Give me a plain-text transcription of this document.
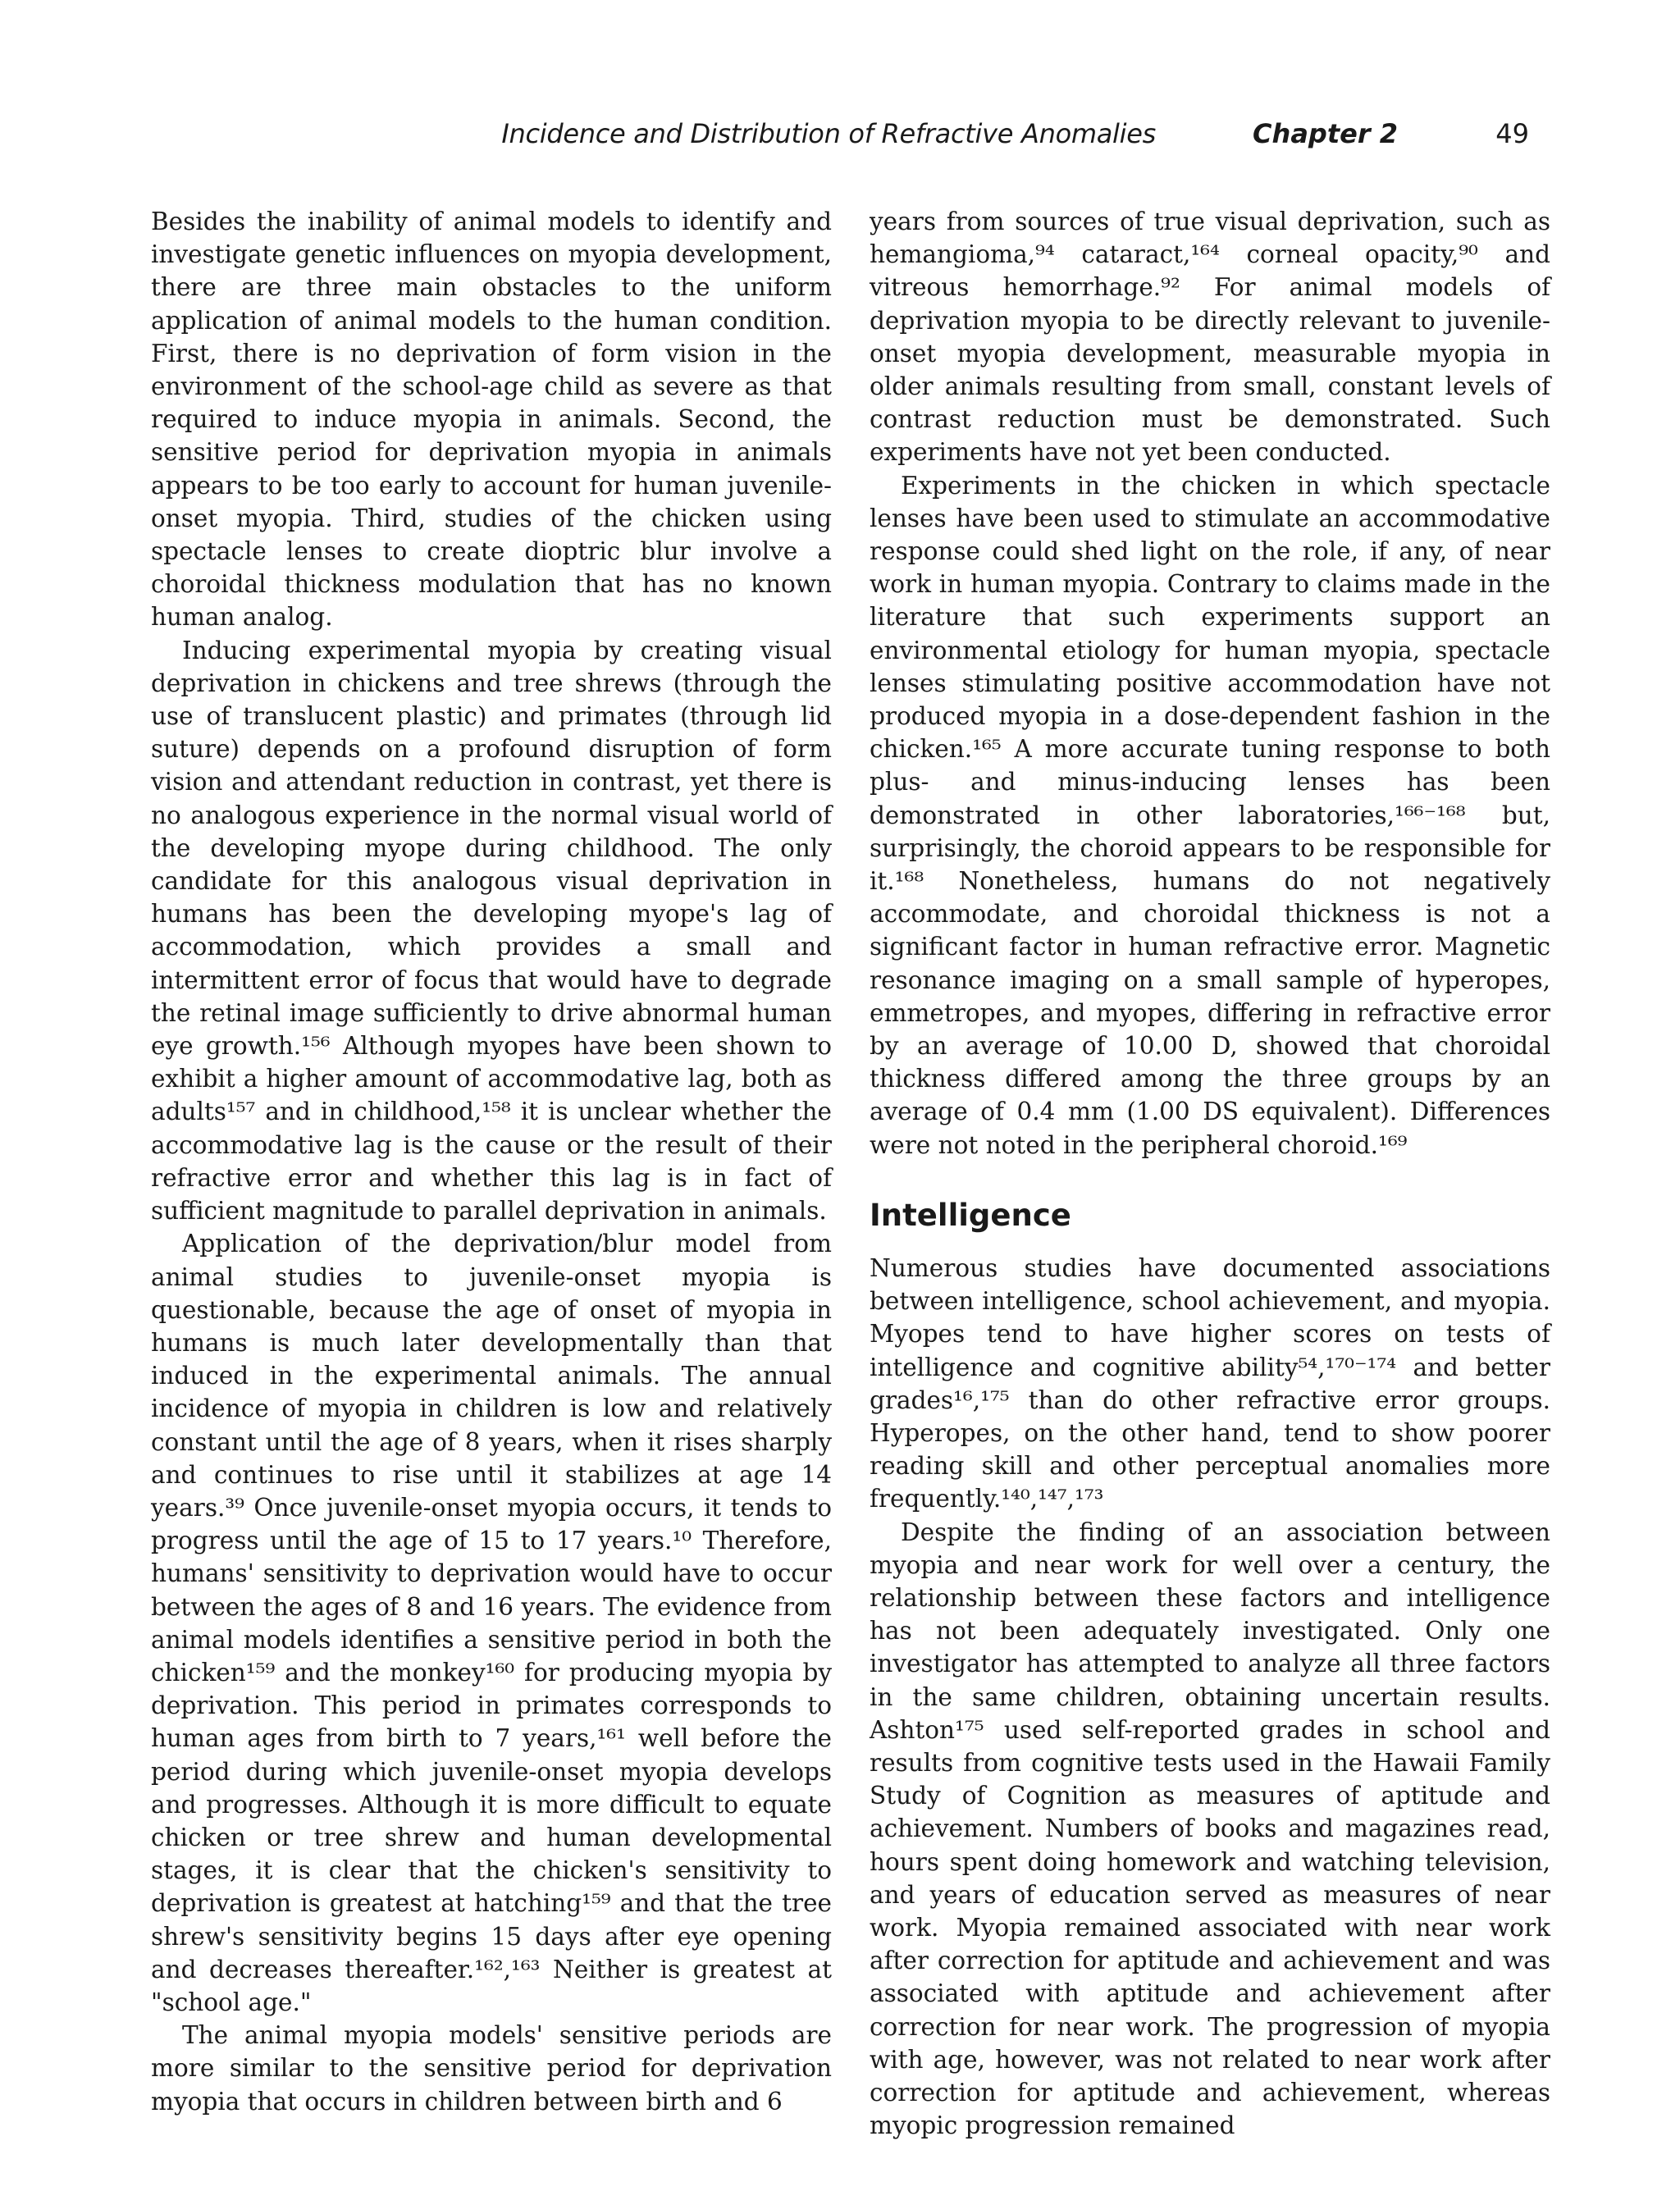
Incidence and Distribution of Refractive Anomalies	Chapter 2	49

Besides the inability of animal models to identify and investigate genetic influences on myopia development, there are three main obstacles to the uniform application of animal models to the human condition. First, there is no deprivation of form vision in the environment of the school-age child as severe as that required to induce myopia in animals. Second, the sensitive period for deprivation myopia in animals appears to be too early to account for human juvenile-onset myopia. Third, studies of the chicken using spectacle lenses to create dioptric blur involve a choroidal thickness modulation that has no known human analog.

Inducing experimental myopia by creating visual deprivation in chickens and tree shrews (through the use of translucent plastic) and primates (through lid suture) depends on a profound disruption of form vision and attendant reduction in contrast, yet there is no analogous experience in the normal visual world of the developing myope during childhood. The only candidate for this analogous visual deprivation in humans has been the developing myope's lag of accommodation, which provides a small and intermittent error of focus that would have to degrade the retinal image sufficiently to drive abnormal human eye growth.¹⁵⁶ Although myopes have been shown to exhibit a higher amount of accommodative lag, both as adults¹⁵⁷ and in childhood,¹⁵⁸ it is unclear whether the accommodative lag is the cause or the result of their refractive error and whether this lag is in fact of sufficient magnitude to parallel deprivation in animals.

Application of the deprivation/blur model from animal studies to juvenile-onset myopia is questionable, because the age of onset of myopia in humans is much later developmentally than that induced in the experimental animals. The annual incidence of myopia in children is low and relatively constant until the age of 8 years, when it rises sharply and continues to rise until it stabilizes at age 14 years.³⁹ Once juvenile-onset myopia occurs, it tends to progress until the age of 15 to 17 years.¹⁰ Therefore, humans' sensitivity to deprivation would have to occur between the ages of 8 and 16 years. The evidence from animal models identifies a sensitive period in both the chicken¹⁵⁹ and the monkey¹⁶⁰ for producing myopia by deprivation. This period in primates corresponds to human ages from birth to 7 years,¹⁶¹ well before the period during which juvenile-onset myopia develops and progresses. Although it is more difficult to equate chicken or tree shrew and human developmental stages, it is clear that the chicken's sensitivity to deprivation is greatest at hatching¹⁵⁹ and that the tree shrew's sensitivity begins 15 days after eye opening and decreases thereafter.¹⁶²,¹⁶³ Neither is greatest at "school age."

The animal myopia models' sensitive periods are more similar to the sensitive period for deprivation myopia that occurs in children between birth and 6

years from sources of true visual deprivation, such as hemangioma,⁹⁴ cataract,¹⁶⁴ corneal opacity,⁹⁰ and vitreous hemorrhage.⁹² For animal models of deprivation myopia to be directly relevant to juvenile-onset myopia development, measurable myopia in older animals resulting from small, constant levels of contrast reduction must be demonstrated. Such experiments have not yet been conducted.

Experiments in the chicken in which spectacle lenses have been used to stimulate an accommodative response could shed light on the role, if any, of near work in human myopia. Contrary to claims made in the literature that such experiments support an environmental etiology for human myopia, spectacle lenses stimulating positive accommodation have not produced myopia in a dose-dependent fashion in the chicken.¹⁶⁵ A more accurate tuning response to both plus- and minus-inducing lenses has been demonstrated in other laboratories,¹⁶⁶⁻¹⁶⁸ but, surprisingly, the choroid appears to be responsible for it.¹⁶⁸ Nonetheless, humans do not negatively accommodate, and choroidal thickness is not a significant factor in human refractive error. Magnetic resonance imaging on a small sample of hyperopes, emmetropes, and myopes, differing in refractive error by an average of 10.00 D, showed that choroidal thickness differed among the three groups by an average of 0.4 mm (1.00 DS equivalent). Differences were not noted in the peripheral choroid.¹⁶⁹

Intelligence

Numerous studies have documented associations between intelligence, school achievement, and myopia. Myopes tend to have higher scores on tests of intelligence and cognitive ability⁵⁴,¹⁷⁰⁻¹⁷⁴ and better grades¹⁶,¹⁷⁵ than do other refractive error groups. Hyperopes, on the other hand, tend to show poorer reading skill and other perceptual anomalies more frequently.¹⁴⁰,¹⁴⁷,¹⁷³

Despite the finding of an association between myopia and near work for well over a century, the relationship between these factors and intelligence has not been adequately investigated. Only one investigator has attempted to analyze all three factors in the same children, obtaining uncertain results. Ashton¹⁷⁵ used self-reported grades in school and results from cognitive tests used in the Hawaii Family Study of Cognition as measures of aptitude and achievement. Numbers of books and magazines read, hours spent doing homework and watching television, and years of education served as measures of near work. Myopia remained associated with near work after correction for aptitude and achievement and was associated with aptitude and achievement after correction for near work. The progression of myopia with age, however, was not related to near work after correction for aptitude and achievement, whereas myopic progression remained
